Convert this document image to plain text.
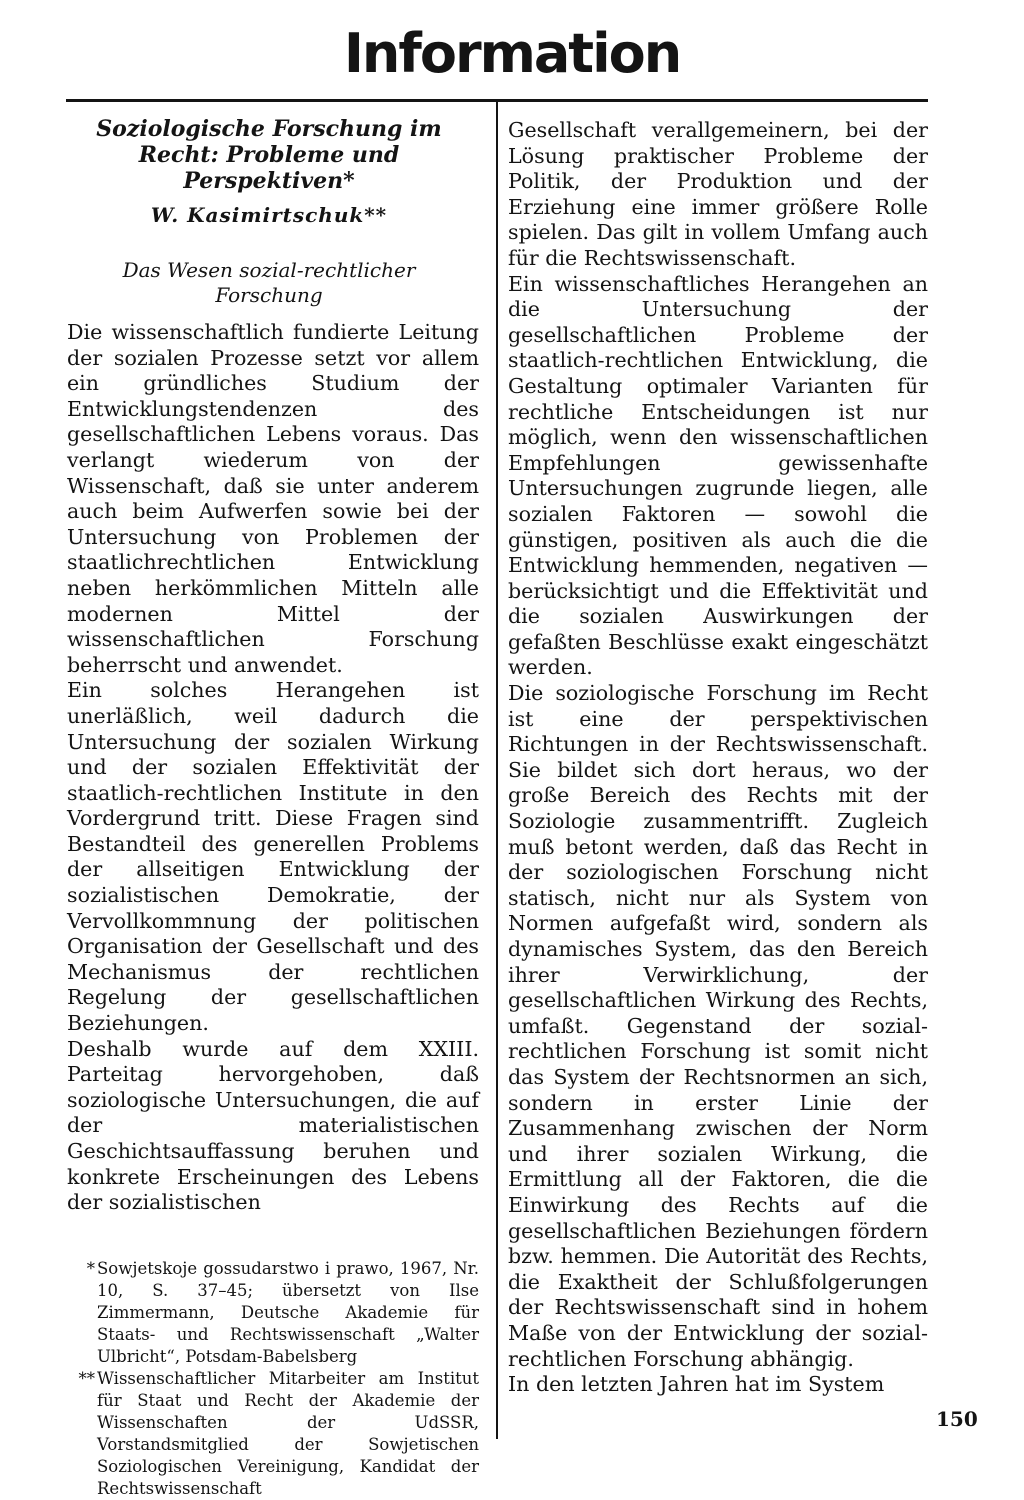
Information
Soziologische Forschung im Recht: Probleme und Perspektiven*
W. Kasimirtschuk**
Das Wesen sozial-rechtlicher Forschung

Die wissenschaftlich fundierte Leitung der sozialen Prozesse setzt vor allem ein gründliches Studium der Entwicklungstendenzen des gesellschaftlichen Lebens voraus. Das verlangt wiederum von der Wissenschaft, daß sie unter anderem auch beim Aufwerfen sowie bei der Untersuchung von Problemen der staatlichrechtlichen Entwicklung neben herkömmlichen Mitteln alle modernen Mittel der wissenschaftlichen Forschung beherrscht und anwendet.

Ein solches Herangehen ist unerläßlich, weil dadurch die Untersuchung der sozialen Wirkung und der sozialen Effektivität der staatlich-rechtlichen Institute in den Vordergrund tritt. Diese Fragen sind Bestandteil des generellen Problems der allseitigen Entwicklung der sozialistischen Demokratie, der Vervollkommnung der politischen Organisation der Gesellschaft und des Mechanismus der rechtlichen Regelung der gesellschaftlichen Beziehungen.

Deshalb wurde auf dem XXIII. Parteitag hervorgehoben, daß soziologische Untersuchungen, die auf der materialistischen Geschichtsauffassung beruhen und konkrete Erscheinungen des Lebens der sozialistischen

* Sowjetskoje gossudarstwo i prawo, 1967, Nr. 10, S. 37–45; übersetzt von Ilse Zimmermann, Deutsche Akademie für Staats- und Rechtswissenschaft „Walter Ulbricht“, Potsdam-Babelsberg

** Wissenschaftlicher Mitarbeiter am Institut für Staat und Recht der Akademie der Wissenschaften der UdSSR, Vorstandsmitglied der Sowjetischen Soziologischen Vereinigung, Kandidat der Rechtswissenschaft

Gesellschaft verallgemeinern, bei der Lösung praktischer Probleme der Politik, der Produktion und der Erziehung eine immer größere Rolle spielen. Das gilt in vollem Umfang auch für die Rechtswissenschaft.

Ein wissenschaftliches Herangehen an die Untersuchung der gesellschaftlichen Probleme der staatlich-rechtlichen Entwicklung, die Gestaltung optimaler Varianten für rechtliche Entscheidungen ist nur möglich, wenn den wissenschaftlichen Empfehlungen gewissenhafte Untersuchungen zugrunde liegen, alle sozialen Faktoren — sowohl die günstigen, positiven als auch die die Entwicklung hemmenden, negativen — berücksichtigt und die Effektivität und die sozialen Auswirkungen der gefaßten Beschlüsse exakt eingeschätzt werden.

Die soziologische Forschung im Recht ist eine der perspektivischen Richtungen in der Rechtswissenschaft. Sie bildet sich dort heraus, wo der große Bereich des Rechts mit der Soziologie zusammentrifft. Zugleich muß betont werden, daß das Recht in der soziologischen Forschung nicht statisch, nicht nur als System von Normen aufgefaßt wird, sondern als dynamisches System, das den Bereich ihrer Verwirklichung, der gesellschaftlichen Wirkung des Rechts, umfaßt. Gegenstand der sozial-rechtlichen Forschung ist somit nicht das System der Rechtsnormen an sich, sondern in erster Linie der Zusammenhang zwischen der Norm und ihrer sozialen Wirkung, die Ermittlung all der Faktoren, die die Einwirkung des Rechts auf die gesellschaftlichen Beziehungen fördern bzw. hemmen. Die Autorität des Rechts, die Exaktheit der Schlußfolgerungen der Rechtswissenschaft sind in hohem Maße von der Entwicklung der sozial-rechtlichen Forschung abhängig.

In den letzten Jahren hat im System

150
